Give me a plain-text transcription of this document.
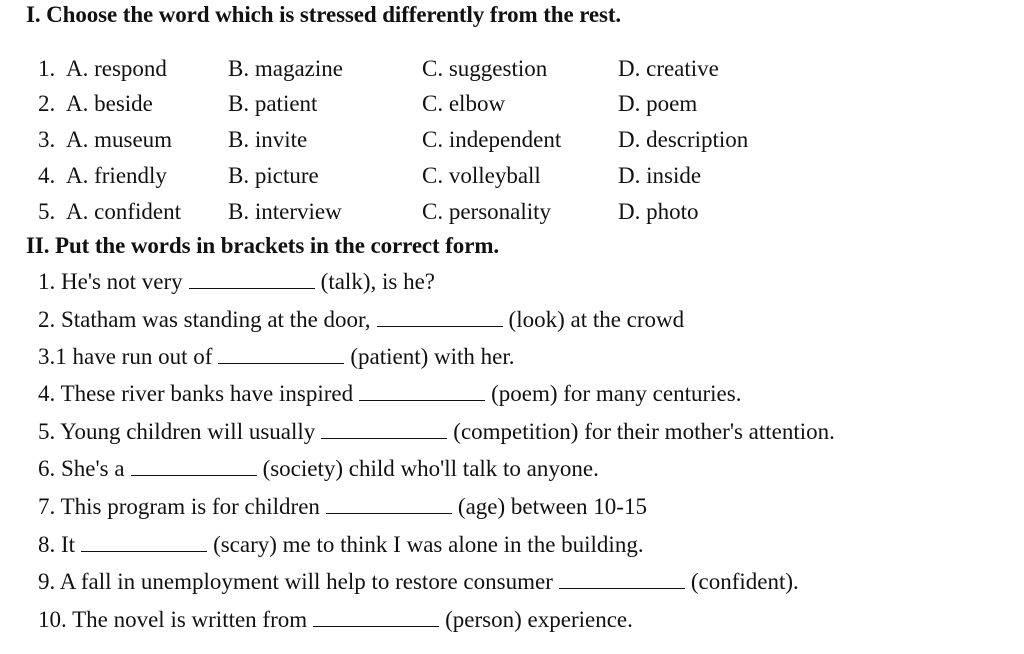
I. Choose the word which is stressed differently from the rest.
1. A. respond	B. magazine	C. suggestion	D. creative
2. A. beside	B. patient	C. elbow	D. poem
3. A. museum B. invite	C. independent D. description
4. A. friendly	B. picture	C. volleyball	D. inside
5. A. confident B. interview	C. personality	D. photo
II. Put the words in brackets in the correct form.
1. He's not very	(talk), is he?
2. Statham was standing at the door,	(look) at the crowd
3.1 have run out of	(patient) with her.
4. These river banks have inspired	(poem) for many centuries.
5. Young children will usually	(competition) for their mother's attention.
6. She's a	(society) child who'll talk to anyone.
7. This program is for children	(age) between 10-15
8. It	(scary) me to think I was alone in the building.
9. A fall in unemployment will help to restore consumer	(confident).
10. The novel is written from	(person) experience.
